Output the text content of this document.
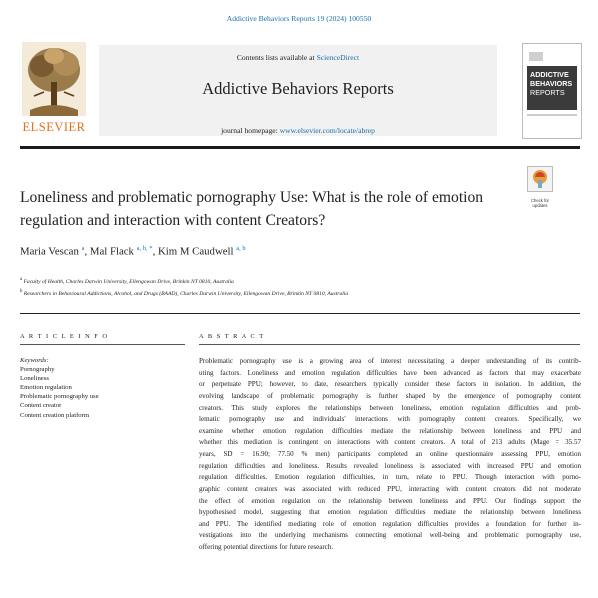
Addictive Behaviors Reports 19 (2024) 100550
ELSEVIER
Contents lists available at ScienceDirect
Addictive Behaviors Reports
journal homepage: www.elsevier.com/locate/abrep
ADDICTIVE
BEHAVIORS
REPORTS
Loneliness and problematic pornography Use: What is the role of emotion regulation and interaction with content Creators?
Check for
updates
Maria Vescan $^a$, Mal Flack $^{a, b, *}$, Kim M Caudwell $^{a, b}$
$^a$ Faculty of Health, Charles Darwin University, Ellengowan Drive, Brinkin NT 0810, Australia
$^b$ Researchers in Behavioural Addictions, Alcohol, and Drugs (BAAD), Charles Darwin University, Ellengowan Drive, Brinkin NT 0810, Australia
A R T I C L E I N F O	A B S T R A C T
Keywords:
Pornography
Loneliness
Emotion regulation
Problematic pornography use
Content creator
Content creation platform
Problematic pornography use is a growing area of interest necessitating a deeper understanding of its contrib-
uting factors. Loneliness and emotion regulation difficulties have been advanced as factors that may exacerbate
or perpetuate PPU; however, to date, researchers typically consider these factors in isolation. In addition, the
evolving landscape of problematic pornography is further shaped by the emergence of pornography content
creators. This study explores the relationships between loneliness, emotion regulation difficulties and prob-
lematic pornography use and individuals' interactions with pornography content creators. Specifically, we
examine whether emotion regulation difficulties mediate the relationship between loneliness and PPU and
whether this mediation is contingent on interactions with content creators. A total of 213 adults (Mage = 35.57
years, SD = 16.90; 77.50 % men) participants completed an online questionnaire assessing PPU, emotion
regulation difficulties and loneliness. Results revealed loneliness is associated with increased PPU and emotion
regulation difficulties. Emotion regulation difficulties, in turn, relate to PPU. Though interaction with porno-
graphic content creators was associated with reduced PPU, interacting with content creators did not moderate
the effect of emotion regulation on the relationship between loneliness and PPU. Our findings support the
hypothesised model, suggesting that emotion regulation difficulties mediate the relationship between loneliness
and PPU. The identified mediating role of emotion regulation difficulties provides a foundation for further in-
vestigations into the underlying mechanisms connecting emotional well-being and problematic pornography use,
offering potential directions for future research.
